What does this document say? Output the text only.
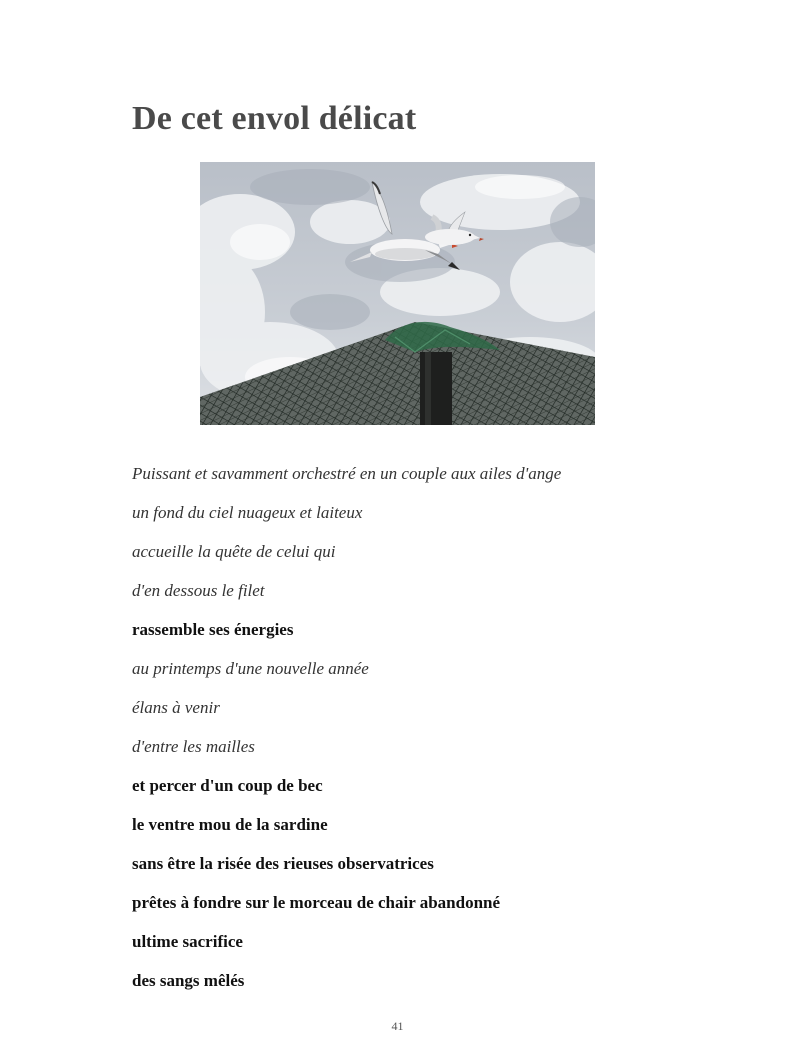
De cet envol délicat
Puissant et savamment orchestré en un couple aux ailes d'ange
un fond du ciel nuageux et laiteux
accueille la quête de celui qui
d'en dessous le filet
rassemble ses énergies
au printemps d'une nouvelle année
élans à venir
d'entre les mailles
et percer d'un coup de bec
le ventre mou de la sardine
sans être la risée des rieuses observatrices
prêtes à fondre sur le morceau de chair abandonné
ultime sacrifice
des sangs mêlés
41
